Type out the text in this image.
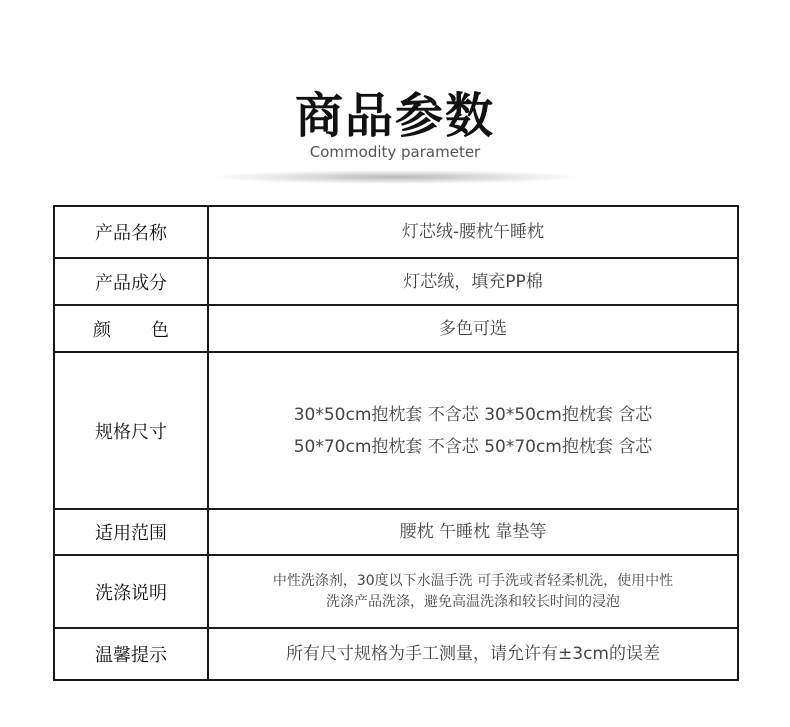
商品参数
Commodity parameter
产品名称	灯芯绒-腰枕午睡枕

产品成分	灯芯绒，填充PP棉

颜色	多色可选

规格尺寸	30*50cm抱枕套 不含芯 30*50cm抱枕套 含芯
50*70cm抱枕套 不含芯 50*70cm抱枕套 含芯

适用范围	腰枕 午睡枕 靠垫等

洗涤说明	中性洗涤剂，30度以下水温手洗 可手洗或者轻柔机洗，使用中性
洗涤产品洗涤，避免高温洗涤和较长时间的浸泡

温馨提示	所有尺寸规格为手工测量，请允许有±3cm的误差
